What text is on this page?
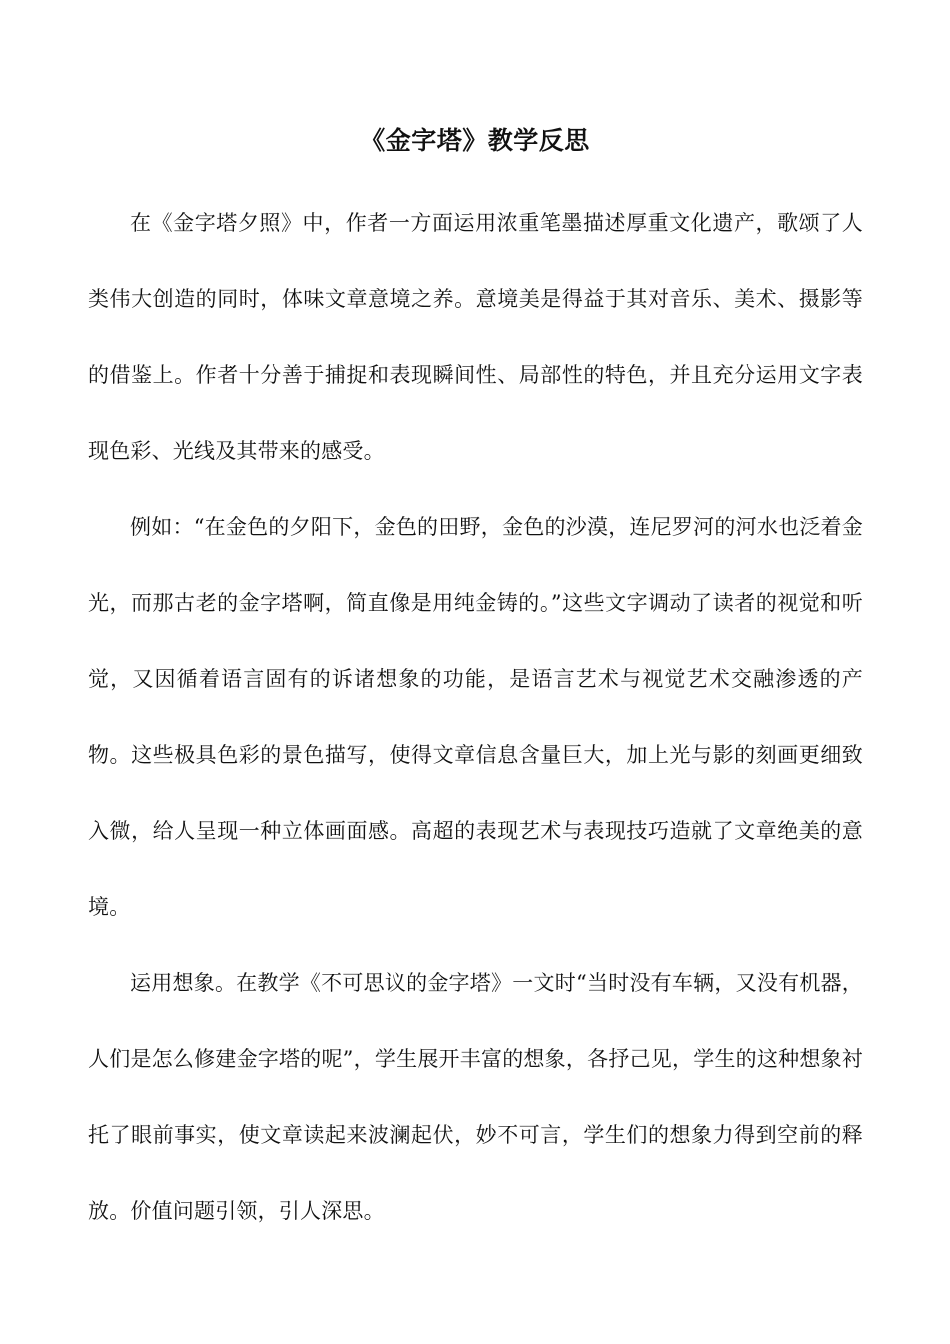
《金字塔》教学反思

在《金字塔夕照》中，作者一方面运用浓重笔墨描述厚重文化遗产，歌颂了人类伟大创造的同时，体味文章意境之养。意境美是得益于其对音乐、美术、摄影等的借鉴上。作者十分善于捕捉和表现瞬间性、局部性的特色，并且充分运用文字表现色彩、光线及其带来的感受。

例如：“在金色的夕阳下，金色的田野，金色的沙漠，连尼罗河的河水也泛着金光，而那古老的金字塔啊，简直像是用纯金铸的。”这些文字调动了读者的视觉和听觉，又因循着语言固有的诉诸想象的功能，是语言艺术与视觉艺术交融渗透的产物。这些极具色彩的景色描写，使得文章信息含量巨大，加上光与影的刻画更细致入微，给人呈现一种立体画面感。高超的表现艺术与表现技巧造就了文章绝美的意境。

运用想象。在教学《不可思议的金字塔》一文时“当时没有车辆，又没有机器，人们是怎么修建金字塔的呢”，学生展开丰富的想象，各抒己见，学生的这种想象衬托了眼前事实，使文章读起来波澜起伏，妙不可言，学生们的想象力得到空前的释放。价值问题引领，引人深思。
